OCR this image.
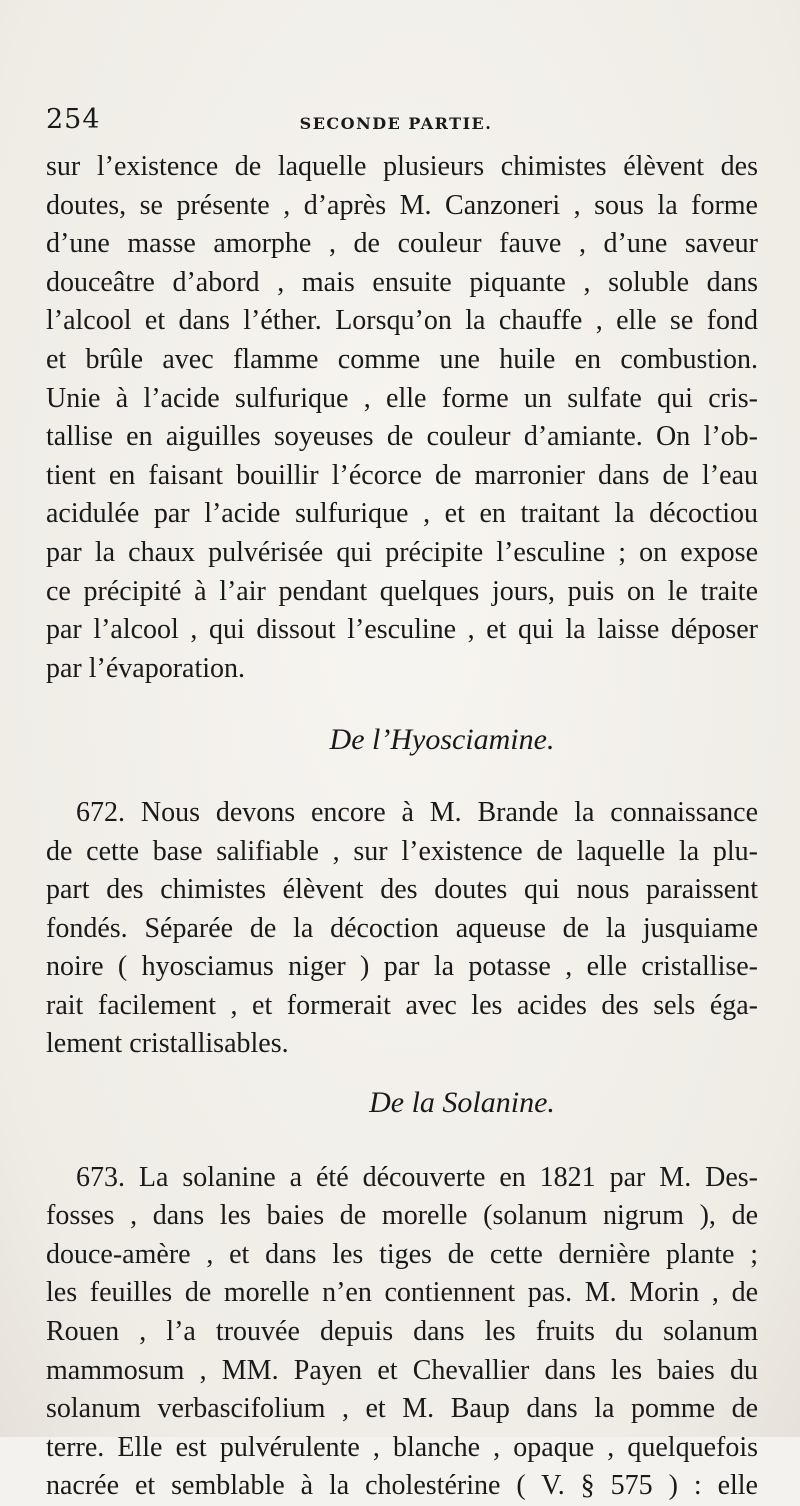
254	SECONDE PARTIE.
sur l’existence de laquelle plusieurs chimistes élèvent des
doutes, se présente , d’après M. Canzoneri , sous la forme
d’une masse amorphe , de couleur fauve , d’une saveur
douceâtre d’abord , mais ensuite piquante , soluble dans
l’alcool et dans l’éther. Lorsqu’on la chauffe , elle se fond
et brûle avec flamme comme une huile en combustion.
Unie à l’acide sulfurique , elle forme un sulfate qui cris-
tallise en aiguilles soyeuses de couleur d’amiante. On l’ob-
tient en faisant bouillir l’écorce de marronier dans de l’eau
acidulée par l’acide sulfurique , et en traitant la décoctiou
par la chaux pulvérisée qui précipite l’esculine ; on expose
ce précipité à l’air pendant quelques jours, puis on le traite
par l’alcool , qui dissout l’esculine , et qui la laisse déposer
par l’évaporation.
De l’Hyosciamine.
672. Nous devons encore à M. Brande la connaissance
de cette base salifiable , sur l’existence de laquelle la plu-
part des chimistes élèvent des doutes qui nous paraissent
fondés. Séparée de la décoction aqueuse de la jusquiame
noire ( hyosciamus niger ) par la potasse , elle cristallise-
rait facilement , et formerait avec les acides des sels éga-
lement cristallisables.
De la Solanine.
673. La solanine a été découverte en 1821 par M. Des-
fosses , dans les baies de morelle (solanum nigrum ), de
douce-amère , et dans les tiges de cette dernière plante ;
les feuilles de morelle n’en contiennent pas. M. Morin , de
Rouen , l’a trouvée depuis dans les fruits du solanum
mammosum , MM. Payen et Chevallier dans les baies du
solanum verbascifolium , et M. Baup dans la pomme de
terre. Elle est pulvérulente , blanche , opaque , quelquefois
nacrée et semblable à la cholestérine ( V. § 575 ) : elle
